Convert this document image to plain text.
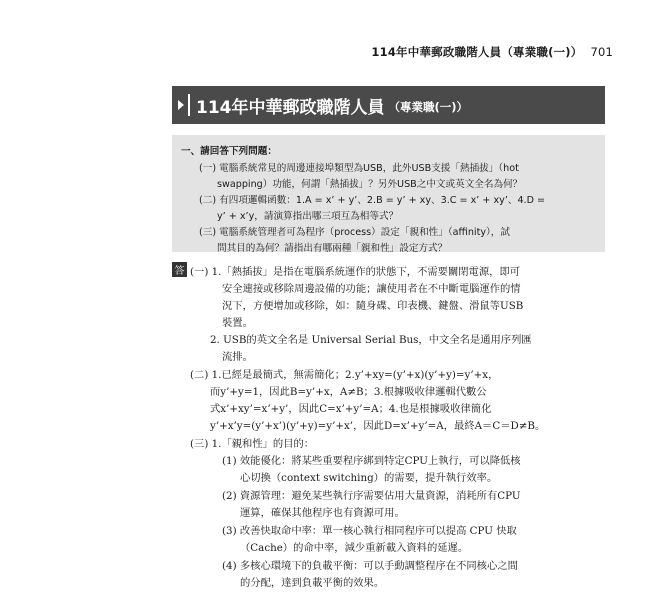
114年中華郵政職階人員（專業職(一)） 701
114年中華郵政職階人員 （專業職(一)）
一、請回答下列問題：
(一) 電腦系統常見的周邊連接埠類型為USB，此外USB支援「熱插拔」（hot
swapping）功能，何謂「熱插拔」？另外USB之中文或英文全名為何？
(二) 有四項邏輯函數：1.A = x’ + y’、2.B = y’ + xy、3.C = x’ + xy’、4.D =
y’ + x’y，請演算指出哪三項互為相等式？
(三) 電腦系統管理者可為程序（process）設定「親和性」（affinity），試
問其目的為何？請指出有哪兩種「親和性」設定方式？
答 (一) 1.「熱插拔」是指在電腦系統運作的狀態下，不需要關閉電源，即可
安全連接或移除周邊設備的功能；讓使用者在不中斷電腦運作的情
況下，方便增加或移除，如：隨身碟、印表機、鍵盤、滑鼠等USB
裝置。
2. USB的英文全名是 Universal Serial Bus，中文全名是通用序列匯
流排。
(二) 1.已經是最簡式，無需簡化；2.y’+xy=(y’+x)(y’+y)=y’+x，
而y’+y=1，因此B=y’+x，A≠B；3.根據吸收律邏輯代數公
式x’+xy’=x’+y’，因此C=x’+y’=A；4.也是根據吸收律簡化
y’+x’y=(y’+x’)(y’+y)=y’+x’，因此D=x’+y’=A，最終A＝C＝D≠B。
(三) 1.「親和性」的目的：
(1) 效能優化：將某些重要程序綁到特定CPU上執行，可以降低核
心切換（context switching）的需要，提升執行效率。
(2) 資源管理：避免某些執行序需要佔用大量資源，消耗所有CPU
運算，確保其他程序也有資源可用。
(3) 改善快取命中率：單一核心執行相同程序可以提高 CPU 快取
（Cache）的命中率，減少重新載入資料的延遲。
(4) 多核心環境下的負載平衡：可以手動調整程序在不同核心之間
的分配，達到負載平衡的效果。
